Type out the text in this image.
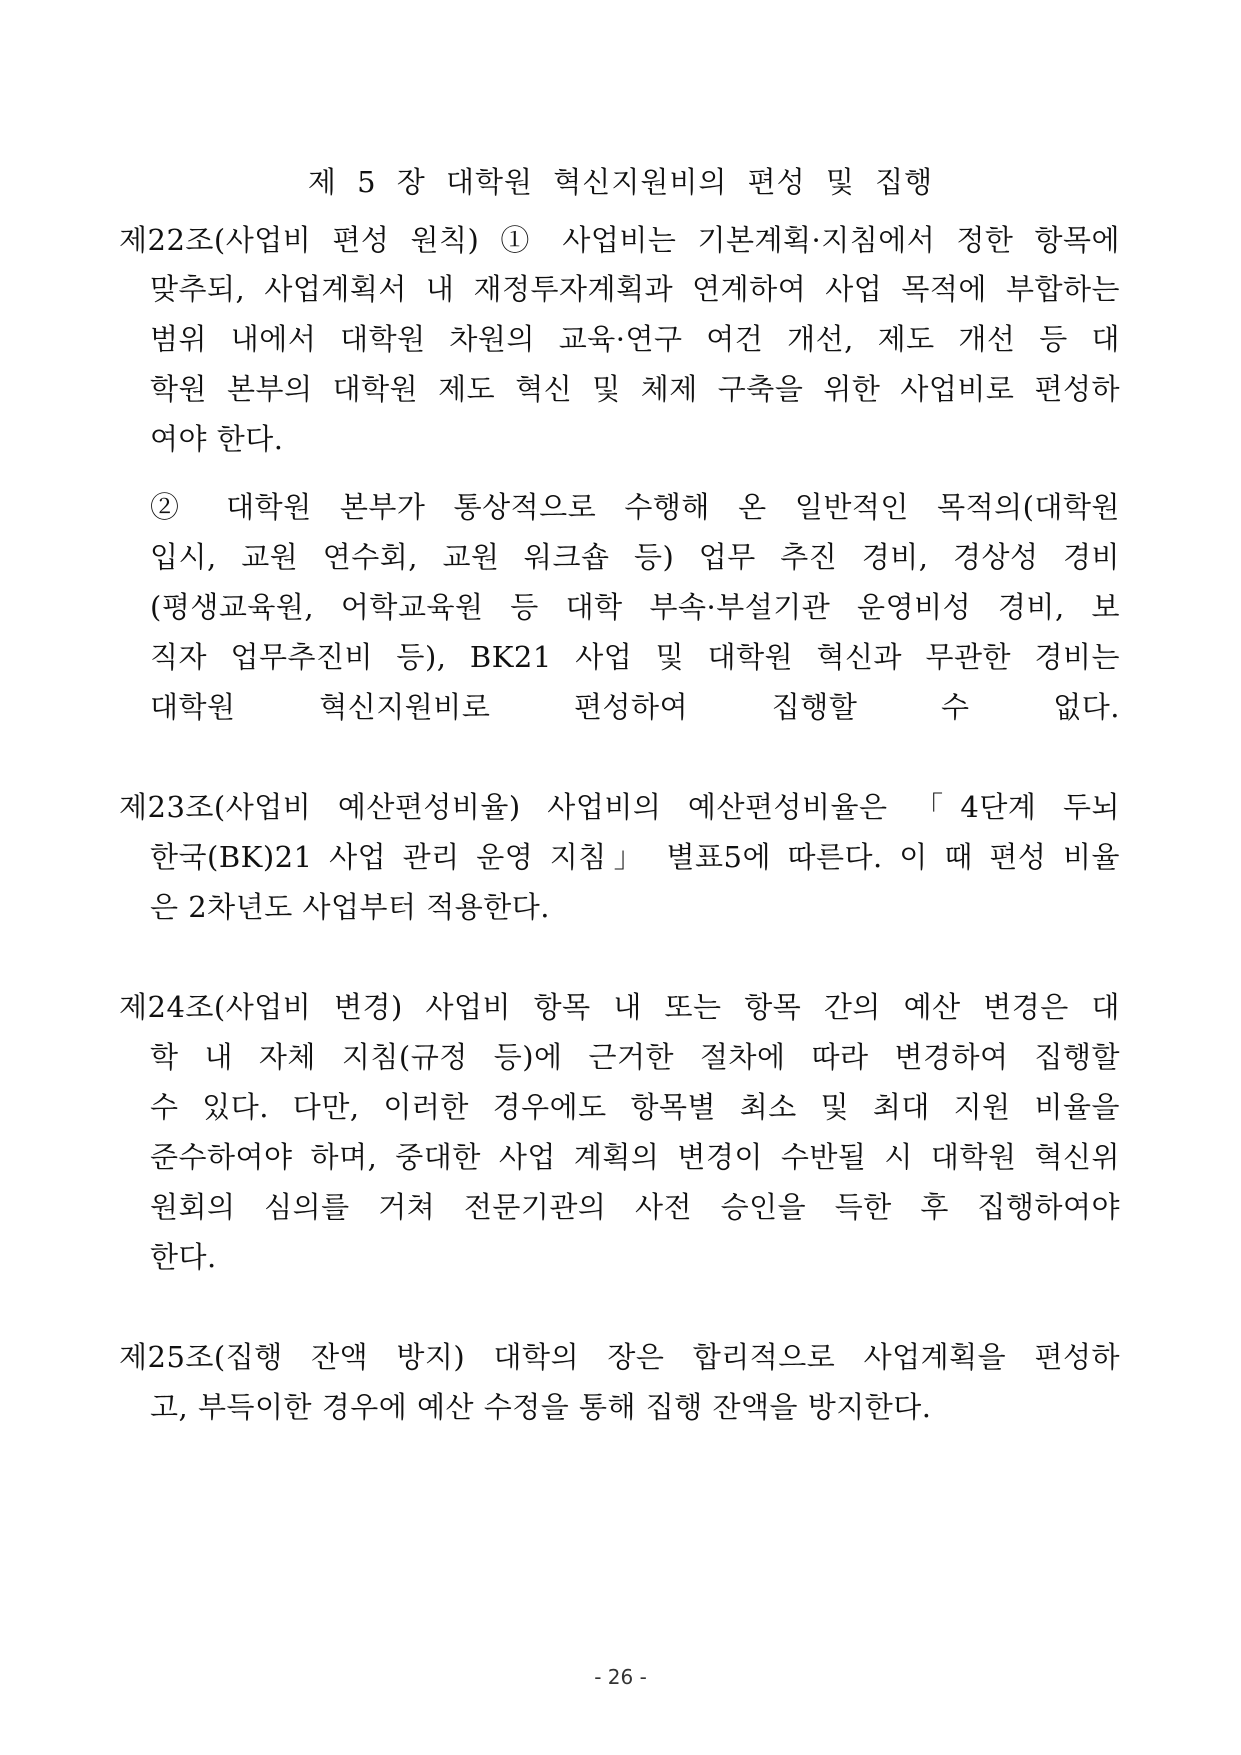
제 5 장 대학원 혁신지원비의 편성 및 집행
제22조(사업비 편성 원칙) ① 사업비는 기본계획·지침에서 정한 항목에
맞추되, 사업계획서 내 재정투자계획과 연계하여 사업 목적에 부합하는
범위 내에서 대학원 차원의 교육·연구 여건 개선, 제도 개선 등 대
학원 본부의 대학원 제도 혁신 및 체제 구축을 위한 사업비로 편성하
여야 한다.
② 대학원 본부가 통상적으로 수행해 온 일반적인 목적의(대학원
입시, 교원 연수회, 교원 워크숍 등) 업무 추진 경비, 경상성 경비
(평생교육원, 어학교육원 등 대학 부속·부설기관 운영비성 경비, 보
직자 업무추진비 등), BK21 사업 및 대학원 혁신과 무관한 경비는
대학원 혁신지원비로 편성하여 집행할 수 없다.
제23조(사업비 예산편성비율) 사업비의 예산편성비율은 「4단계 두뇌
한국(BK)21 사업 관리 운영 지침」 별표5에 따른다. 이 때 편성 비율
은 2차년도 사업부터 적용한다.
제24조(사업비 변경) 사업비 항목 내 또는 항목 간의 예산 변경은 대
학 내 자체 지침(규정 등)에 근거한 절차에 따라 변경하여 집행할
수 있다. 다만, 이러한 경우에도 항목별 최소 및 최대 지원 비율을
준수하여야 하며, 중대한 사업 계획의 변경이 수반될 시 대학원 혁신위
원회의 심의를 거쳐 전문기관의 사전 승인을 득한 후 집행하여야
한다.
제25조(집행 잔액 방지) 대학의 장은 합리적으로 사업계획을 편성하
고, 부득이한 경우에 예산 수정을 통해 집행 잔액을 방지한다.
- 26 -
